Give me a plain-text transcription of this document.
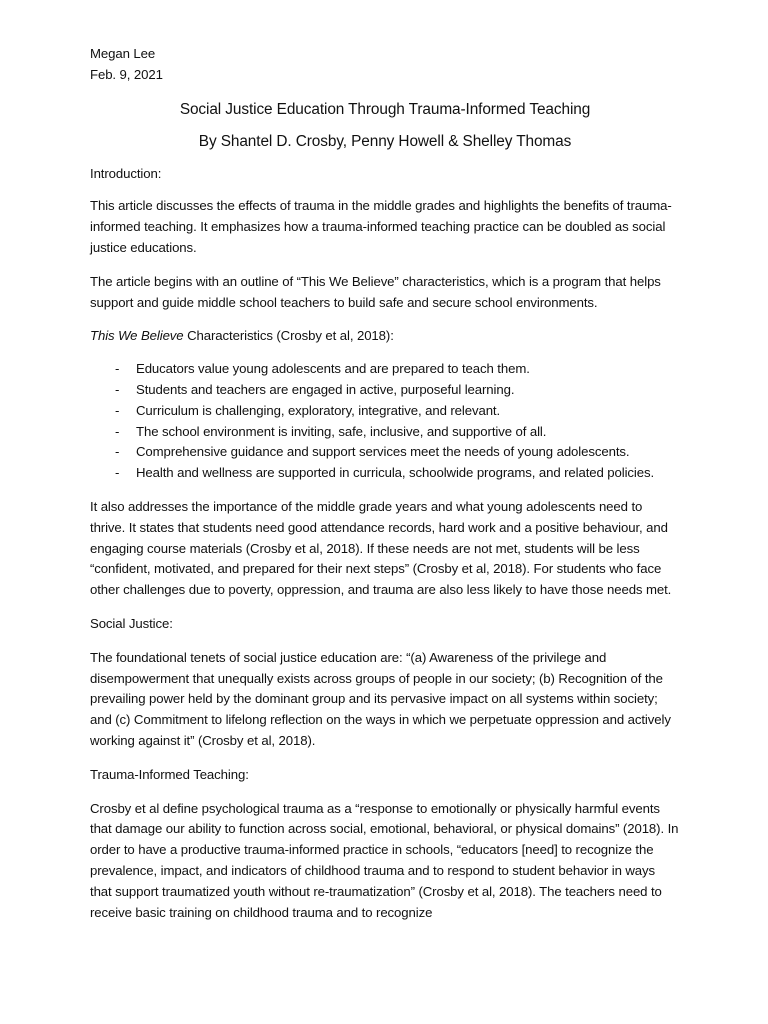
Megan Lee

Feb. 9, 2021

Social Justice Education Through Trauma-Informed Teaching

By Shantel D. Crosby, Penny Howell & Shelley Thomas

Introduction:

This article discusses the effects of trauma in the middle grades and highlights the benefits of trauma-informed teaching. It emphasizes how a trauma-informed teaching practice can be doubled as social justice educations.

The article begins with an outline of “This We Believe” characteristics, which is a program that helps support and guide middle school teachers to build safe and secure school environments.

This We Believe Characteristics (Crosby et al, 2018):

- Educators value young adolescents and are prepared to teach them.
- Students and teachers are engaged in active, purposeful learning.
- Curriculum is challenging, exploratory, integrative, and relevant.
- The school environment is inviting, safe, inclusive, and supportive of all.
- Comprehensive guidance and support services meet the needs of young adolescents.
- Health and wellness are supported in curricula, schoolwide programs, and related policies.

It also addresses the importance of the middle grade years and what young adolescents need to thrive. It states that students need good attendance records, hard work and a positive behaviour, and engaging course materials (Crosby et al, 2018). If these needs are not met, students will be less “confident, motivated, and prepared for their next steps” (Crosby et al, 2018). For students who face other challenges due to poverty, oppression, and trauma are also less likely to have those needs met.

Social Justice:

The foundational tenets of social justice education are: “(a) Awareness of the privilege and disempowerment that unequally exists across groups of people in our society; (b) Recognition of the prevailing power held by the dominant group and its pervasive impact on all systems within society; and (c) Commitment to lifelong reflection on the ways in which we perpetuate oppression and actively working against it” (Crosby et al, 2018).

Trauma-Informed Teaching:

Crosby et al define psychological trauma as a “response to emotionally or physically harmful events that damage our ability to function across social, emotional, behavioral, or physical domains” (2018). In order to have a productive trauma-informed practice in schools, “educators [need] to recognize the prevalence, impact, and indicators of childhood trauma and to respond to student behavior in ways that support traumatized youth without re-traumatization” (Crosby et al, 2018). The teachers need to receive basic training on childhood trauma and to recognize
